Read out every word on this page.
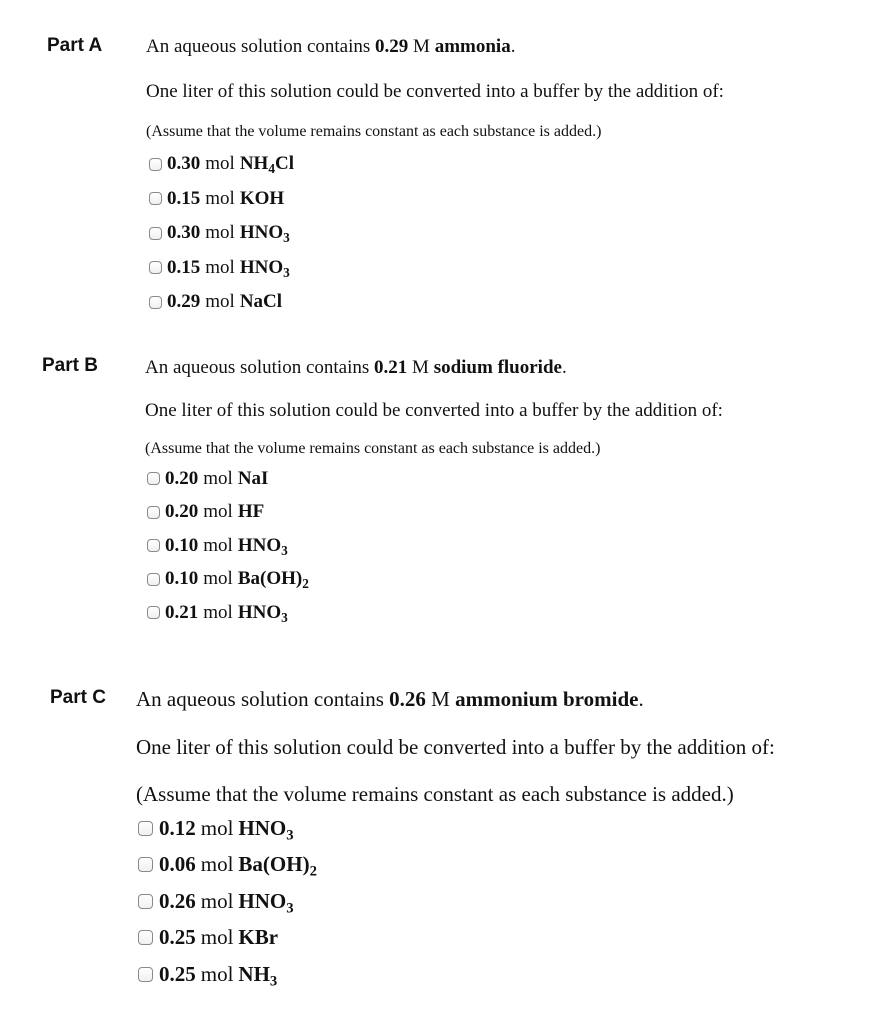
Part A An aqueous solution contains 0.29 M ammonia.
One liter of this solution could be converted into a buffer by the addition of:
(Assume that the volume remains constant as each substance is added.)
0.30 mol $NH_4Cl$
0.15 mol KOH
0.30 mol $HNO_3$
0.15 mol $HNO_3$
0.29 mol NaCl
Part B An aqueous solution contains 0.21 M sodium fluoride.
One liter of this solution could be converted into a buffer by the addition of:
(Assume that the volume remains constant as each substance is added.)
0.20 mol NaI
0.20 mol HF
0.10 mol $HNO_3$
0.10 mol $Ba(OH)_2$
0.21 mol $HNO_3$
Part C An aqueous solution contains 0.26 M ammonium bromide.
One liter of this solution could be converted into a buffer by the addition of:
(Assume that the volume remains constant as each substance is added.)
0.12 mol $HNO_3$
0.06 mol $Ba(OH)_2$
0.26 mol $HNO_3$
0.25 mol KBr
0.25 mol $NH_3$
